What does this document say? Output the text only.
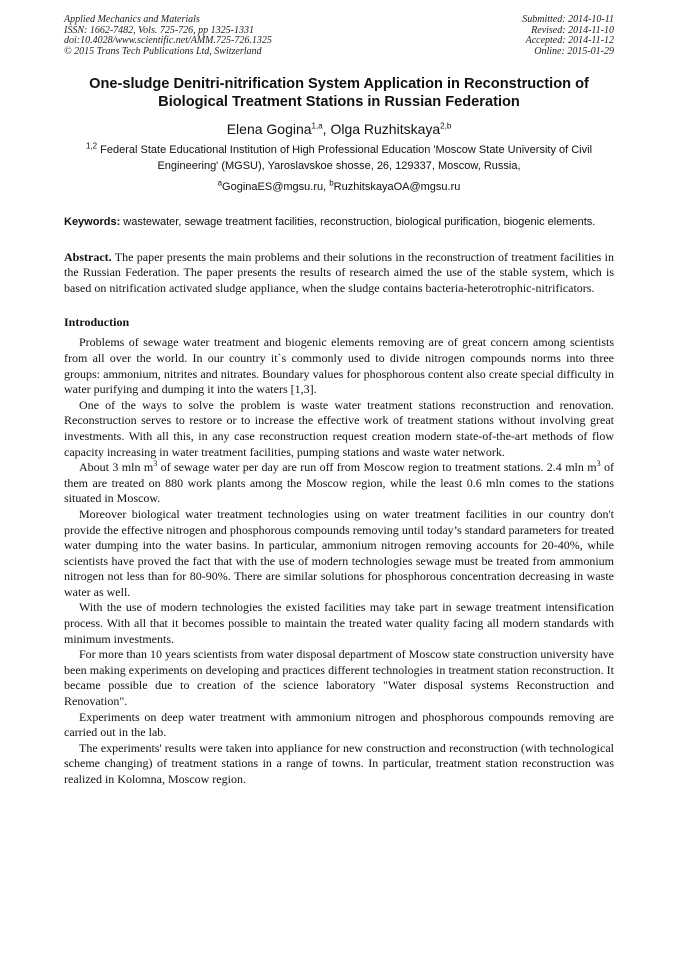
Applied Mechanics and Materials
ISSN: 1662-7482, Vols. 725-726, pp 1325-1331
doi:10.4028/www.scientific.net/AMM.725-726.1325
© 2015 Trans Tech Publications Ltd, Switzerland
Submitted: 2014-10-11
Revised: 2014-11-10
Accepted: 2014-11-12
Online: 2015-01-29
One-sludge Denitri-nitrification System Application in Reconstruction of Biological Treatment Stations in Russian Federation
Elena Gogina$^{1,a}$, Olga Ruzhitskaya$^{2,b}$
$^{1,2}$ Federal State Educational Institution of High Professional Education 'Moscow State University of Civil Engineering' (MGSU), Yaroslavskoe shosse, 26, 129337, Moscow, Russia,
$^a$GoginaES@mgsu.ru, $^b$RuzhitskayaOA@mgsu.ru
Keywords: wastewater, sewage treatment facilities, reconstruction, biological purification, biogenic elements.
Abstract. The paper presents the main problems and their solutions in the reconstruction of treatment facilities in the Russian Federation. The paper presents the results of research aimed the use of the stable system, which is based on nitrification activated sludge appliance, when the sludge contains bacteria-heterotrophic-nitrificators.
Introduction

Problems of sewage water treatment and biogenic elements removing are of great concern among scientists from all over the world. In our country it`s commonly used to divide nitrogen compounds norms into three groups: ammonium, nitrites and nitrates. Boundary values for phosphorous content also create special difficulty in water purifying and dumping it into the waters [1,3].

One of the ways to solve the problem is waste water treatment stations reconstruction and renovation. Reconstruction serves to restore or to increase the effective work of treatment stations without involving great investments. With all this, in any case reconstruction request creation modern state-of-the-art methods of flow capacity increasing in water treatment facilities, pumping stations and waste water network.

About 3 mln $m^3$ of sewage water per day are run off from Moscow region to treatment stations. 2.4 mln $m^3$ of them are treated on 880 work plants among the Moscow region, while the least 0.6 mln comes to the stations situated in Moscow.

Moreover biological water treatment technologies using on water treatment facilities in our country don't provide the effective nitrogen and phosphorous compounds removing until today’s standard parameters for treated water dumping into the water basins. In particular, ammonium nitrogen removing accounts for 20-40%, while scientists have proved the fact that with the use of modern technologies sewage must be treated from ammonium nitrogen not less than for 80-90%. There are similar solutions for phosphorous concentration decreasing in waste water as well.

With the use of modern technologies the existed facilities may take part in sewage treatment intensification process. With all that it becomes possible to maintain the treated water quality facing all modern standards with minimum investments.

For more than 10 years scientists from water disposal department of Moscow state construction university have been making experiments on developing and practices different technologies in treatment station reconstruction. It became possible due to creation of the science laboratory "Water disposal systems Reconstruction and Renovation".

Experiments on deep water treatment with ammonium nitrogen and phosphorous compounds removing are carried out in the lab.

The experiments' results were taken into appliance for new construction and reconstruction (with technological scheme changing) of treatment stations in a range of towns. In particular, treatment station reconstruction was realized in Kolomna, Moscow region.
